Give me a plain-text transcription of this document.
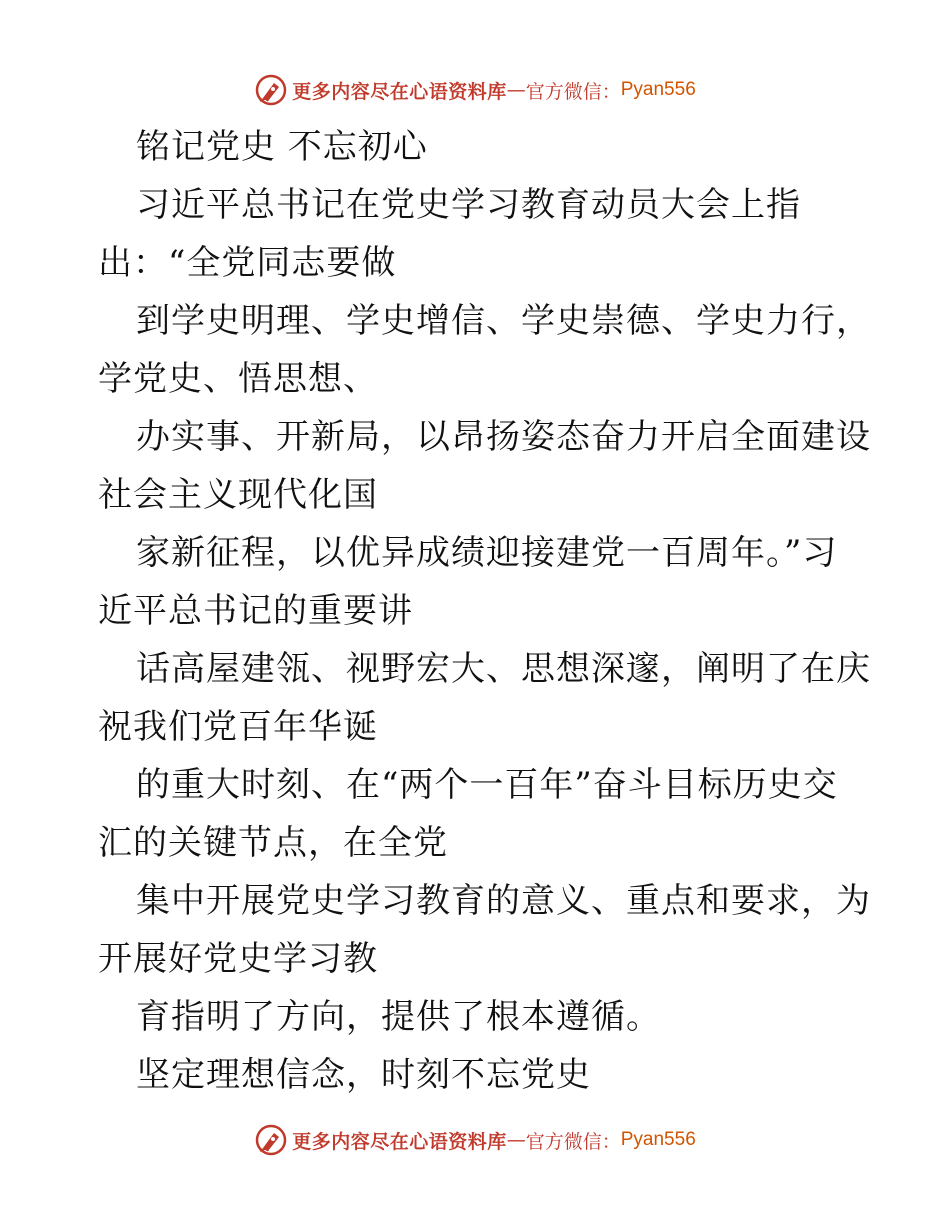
更多内容尽在心语资料库 — 官方微信： Pyan556
铭记党史 不忘初心
习近平总书记在党史学习教育动员大会上指
出：“全党同志要做
到学史明理、学史增信、学史崇德、学史力行，
学党史、悟思想、
办实事、开新局，以昂扬姿态奋力开启全面建设
社会主义现代化国
家新征程，以优异成绩迎接建党一百周年。”习
近平总书记的重要讲
话高屋建瓴、视野宏大、思想深邃，阐明了在庆
祝我们党百年华诞
的重大时刻、在“两个一百年”奋斗目标历史交
汇的关键节点，在全党
集中开展党史学习教育的意义、重点和要求，为
开展好党史学习教
育指明了方向，提供了根本遵循。
坚定理想信念，时刻不忘党史
更多内容尽在心语资料库 — 官方微信： Pyan556
